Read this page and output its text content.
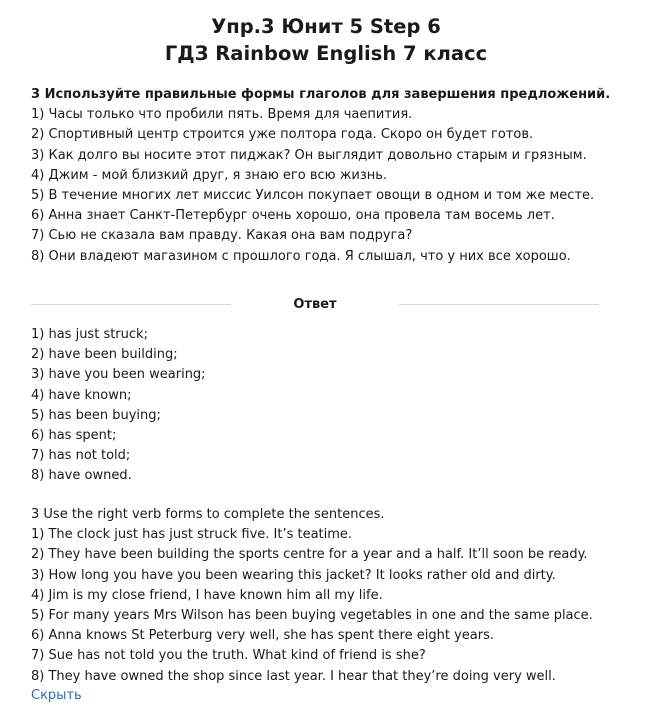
Упр.3 Юнит 5 Step 6
ГДЗ Rainbow English 7 класс
3 Используйте правильные формы глаголов для завершения предложений.
1) Часы только что пробили пять. Время для чаепития.
2) Спортивный центр строится уже полтора года. Скоро он будет готов.
3) Как долго вы носите этот пиджак? Он выглядит довольно старым и грязным.
4) Джим - мой близкий друг, я знаю его всю жизнь.
5) В течение многих лет миссис Уилсон покупает овощи в одном и том же месте.
6) Анна знает Санкт-Петербург очень хорошо, она провела там восемь лет.
7) Сью не сказала вам правду. Какая она вам подруга?
8) Они владеют магазином с прошлого года. Я слышал, что у них все хорошо.
Ответ
1) has just struck;
2) have been building;
3) have you been wearing;
4) have known;
5) has been buying;
6) has spent;
7) has not told;
8) have owned.
3 Use the right verb forms to complete the sentences.
1) The clock just has just struck five. It’s teatime.
2) They have been building the sports centre for a year and a half. It’ll soon be ready.
3) How long you have you been wearing this jacket? It looks rather old and dirty.
4) Jim is my close friend, I have known him all my life.
5) For many years Mrs Wilson has been buying vegetables in one and the same place.
6) Anna knows St Peterburg very well, she has spent there eight years.
7) Sue has not told you the truth. What kind of friend is she?
8) They have owned the shop since last year. I hear that they’re doing very well.
Скрыть
